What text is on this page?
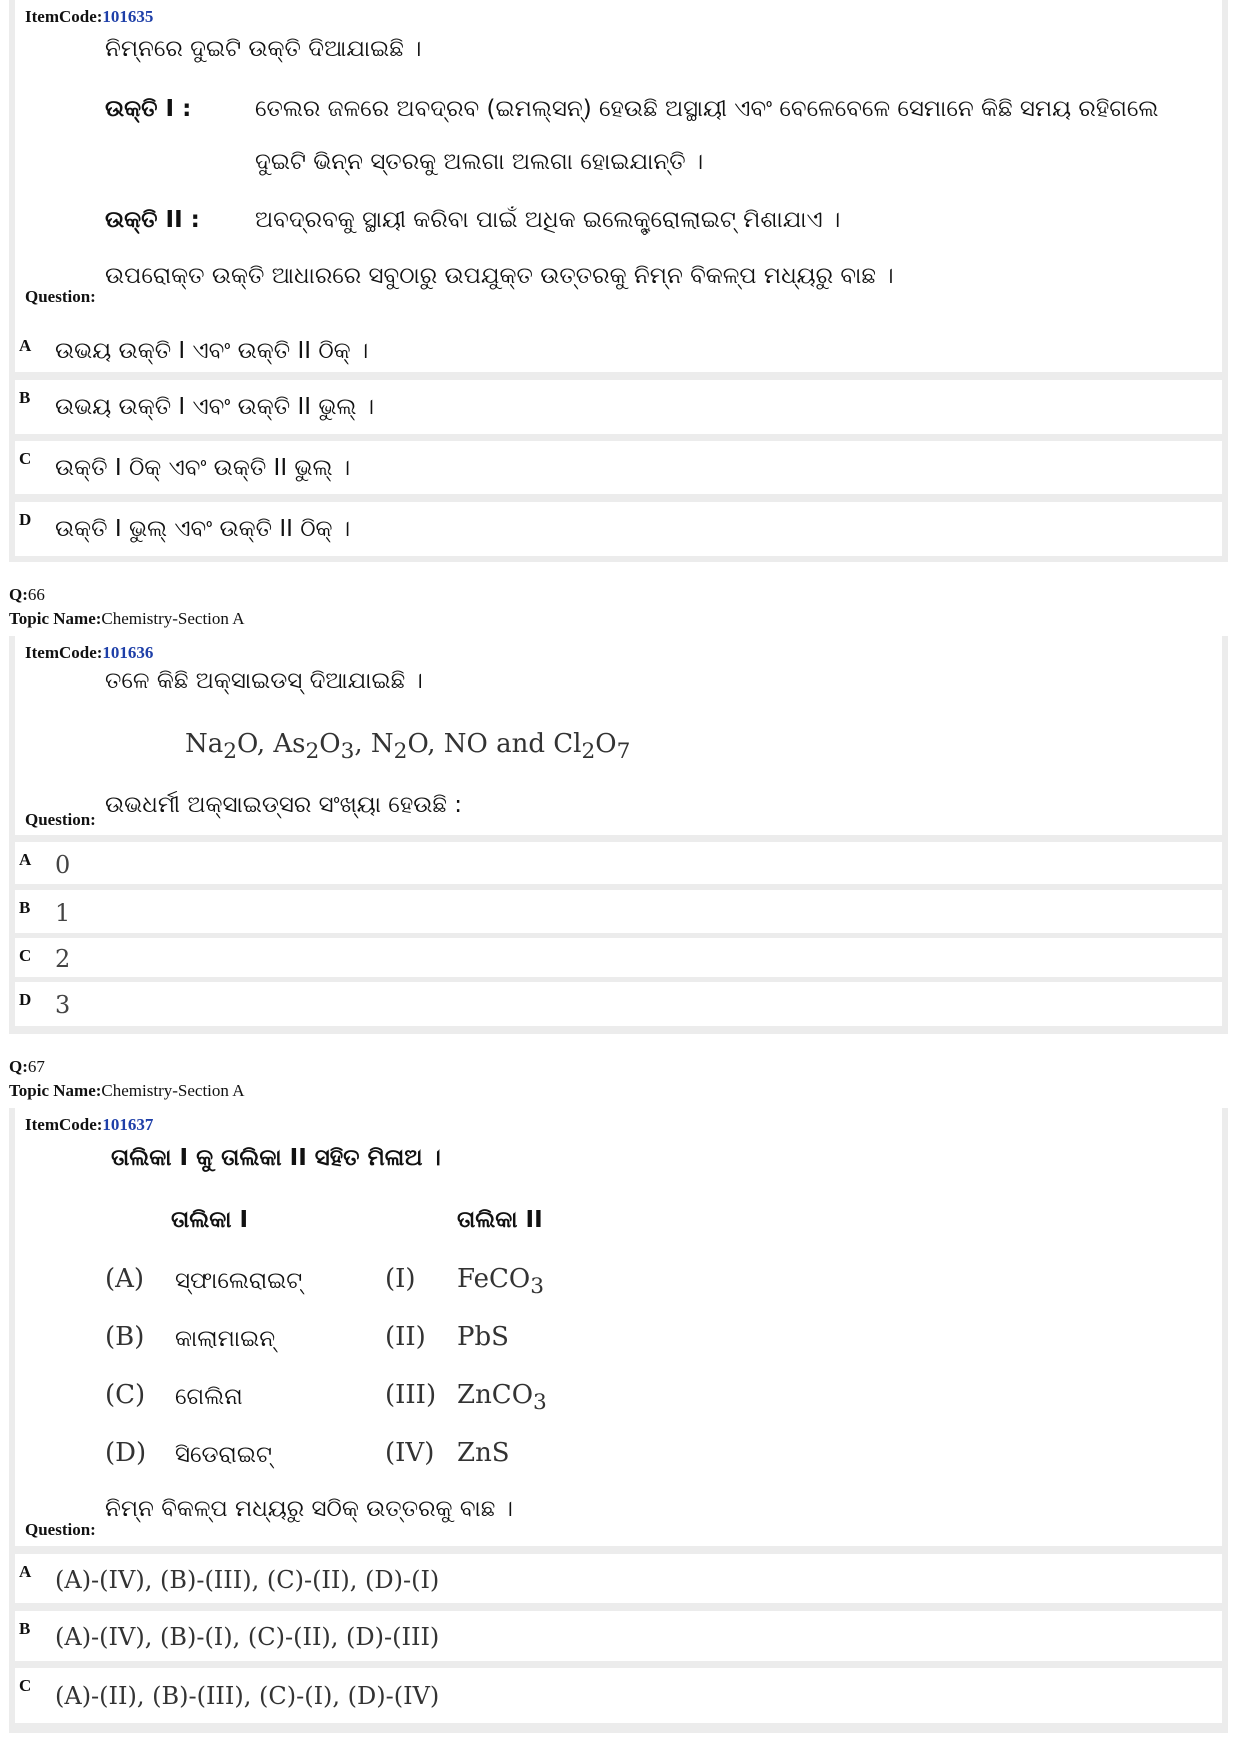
ItemCode:101635
ନିମ୍ନରେ ଦୁଇଟି ଉକ୍ତି ଦିଆଯାଇଛି ।
ଉକ୍ତି I :	ତେଲର ଜଳରେ ଅବଦ୍ରବ (ଇମଲ୍‌ସନ୍) ହେଉଛି ଅସ୍ଥାୟୀ ଏବଂ ବେଳେବେଳେ ସେମାନେ କିଛି ସମୟ ରହିଗଲେ
ଦୁଇଟି ଭିନ୍ନ ସ୍ତରକୁ ଅଲଗା ଅଲଗା ହୋଇଯାନ୍ତି ।
ଉକ୍ତି II : ଅବଦ୍ରବକୁ ସ୍ଥାୟୀ କରିବା ପାଇଁ ଅଧିକ ଇଲେକ୍ଟ୍ରୋଲାଇଟ୍ ମିଶାଯାଏ ।
Question:
ଉପରୋକ୍ତ ଉକ୍ତି ଆଧାରରେ ସବୁଠାରୁ ଉପଯୁକ୍ତ ଉତ୍ତରକୁ ନିମ୍ନ ବିକଳ୍ପ ମଧ୍ୟରୁ ବାଛ ।
A ଉଭୟ ଉକ୍ତି I ଏବଂ ଉକ୍ତି II ଠିକ୍ ।
B ଉଭୟ ଉକ୍ତି I ଏବଂ ଉକ୍ତି II ଭୁଲ୍ ।
C ଉକ୍ତି I ଠିକ୍ ଏବଂ ଉକ୍ତି II ଭୁଲ୍ ।
D ଉକ୍ତି I ଭୁଲ୍ ଏବଂ ଉକ୍ତି II ଠିକ୍ ।
Q:66
Topic Name:Chemistry-Section A
ItemCode:101636
ତଳେ କିଛି ଅକ୍ସାଇଡସ୍ ଦିଆଯାଇଛି ।
$Na_2O$, $As_2O_3$, $N_2O$, NO and $Cl_2O_7$
Question:
ଉଭଧର୍ମୀ ଅକ୍ସାଇଡ୍‌ସର ସଂଖ୍ୟା ହେଉଛି :
A 0
B 1
C 2
D 3
Q:67
Topic Name:Chemistry-Section A
ItemCode:101637
ତାଲିକା I କୁ ତାଲିକା II ସହିତ ମିଳାଅ ।
ତାଲିକା I	ତାଲିକା II
(A) ସ୍ଫାଲେରାଇଟ୍	(I) FeCO$_3$
(B) କାଲାମାଇନ୍	(II) PbS
(C) ଗେଲିନା	(III) ZnCO$_3$
(D) ସିଡେରାଇଟ୍	(IV) ZnS
Question:
ନିମ୍ନ ବିକଳ୍ପ ମଧ୍ୟରୁ ସଠିକ୍ ଉତ୍ତରକୁ ବାଛ ।
A (A)-(IV), (B)-(III), (C)-(II), (D)-(I)
B (A)-(IV), (B)-(I), (C)-(II), (D)-(III)
C (A)-(II), (B)-(III), (C)-(I), (D)-(IV)
